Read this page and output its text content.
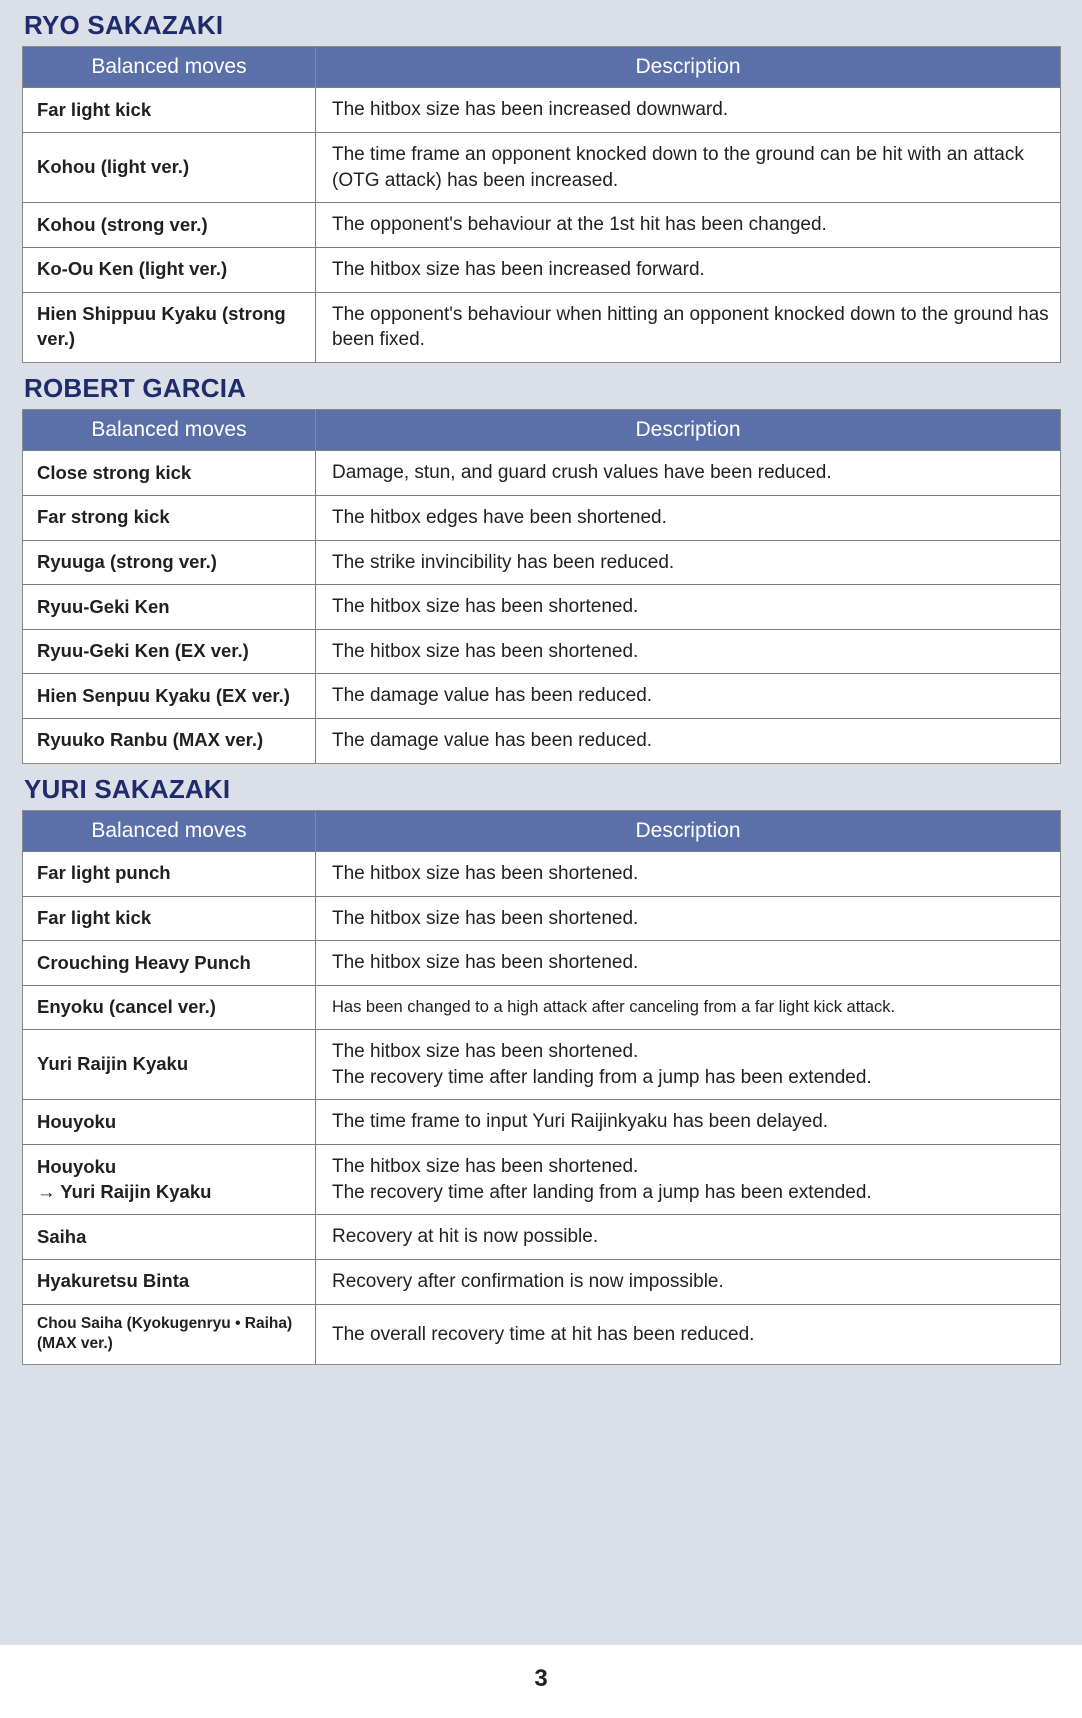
RYO SAKAZAKI
Balanced moves	Description
Far light kick	The hitbox size has been increased downward.

Kohou (light ver.)	The time frame an opponent knocked down to the ground can be hit with an attack (OTG attack) has been increased.

Kohou (strong ver.)	The opponent's behaviour at the 1st hit has been changed.

Ko-Ou Ken (light ver.)	The hitbox size has been increased forward.

Hien Shippuu Kyaku (strong ver.)	The opponent's behaviour when hitting an opponent knocked down to the ground has been fixed.
ROBERT GARCIA
Balanced moves	Description
Close strong kick	Damage, stun, and guard crush values have been reduced.

Far strong kick	The hitbox edges have been shortened.

Ryuuga (strong ver.)	The strike invincibility has been reduced.

Ryuu-Geki Ken	The hitbox size has been shortened.

Ryuu-Geki Ken (EX ver.)	The hitbox size has been shortened.

Hien Senpuu Kyaku (EX ver.)	The damage value has been reduced.

Ryuuko Ranbu (MAX ver.)	The damage value has been reduced.
YURI SAKAZAKI
Balanced moves	Description
Far light punch	The hitbox size has been shortened.

Far light kick	The hitbox size has been shortened.

Crouching Heavy Punch	The hitbox size has been shortened.

Enyoku (cancel ver.)	Has been changed to a high attack after canceling from a far light kick attack.

Yuri Raijin Kyaku	The hitbox size has been shortened.
The recovery time after landing from a jump has been extended.

Houyoku	The time frame to input Yuri Raijinkyaku has been delayed.

Houyoku
→ Yuri Raijin Kyaku	The hitbox size has been shortened.
The recovery time after landing from a jump has been extended.

Saiha	Recovery at hit is now possible.

Hyakuretsu Binta	Recovery after confirmation is now impossible.

Chou Saiha (Kyokugenryu • Raiha)
(MAX ver.)	The overall recovery time at hit has been reduced.
3
